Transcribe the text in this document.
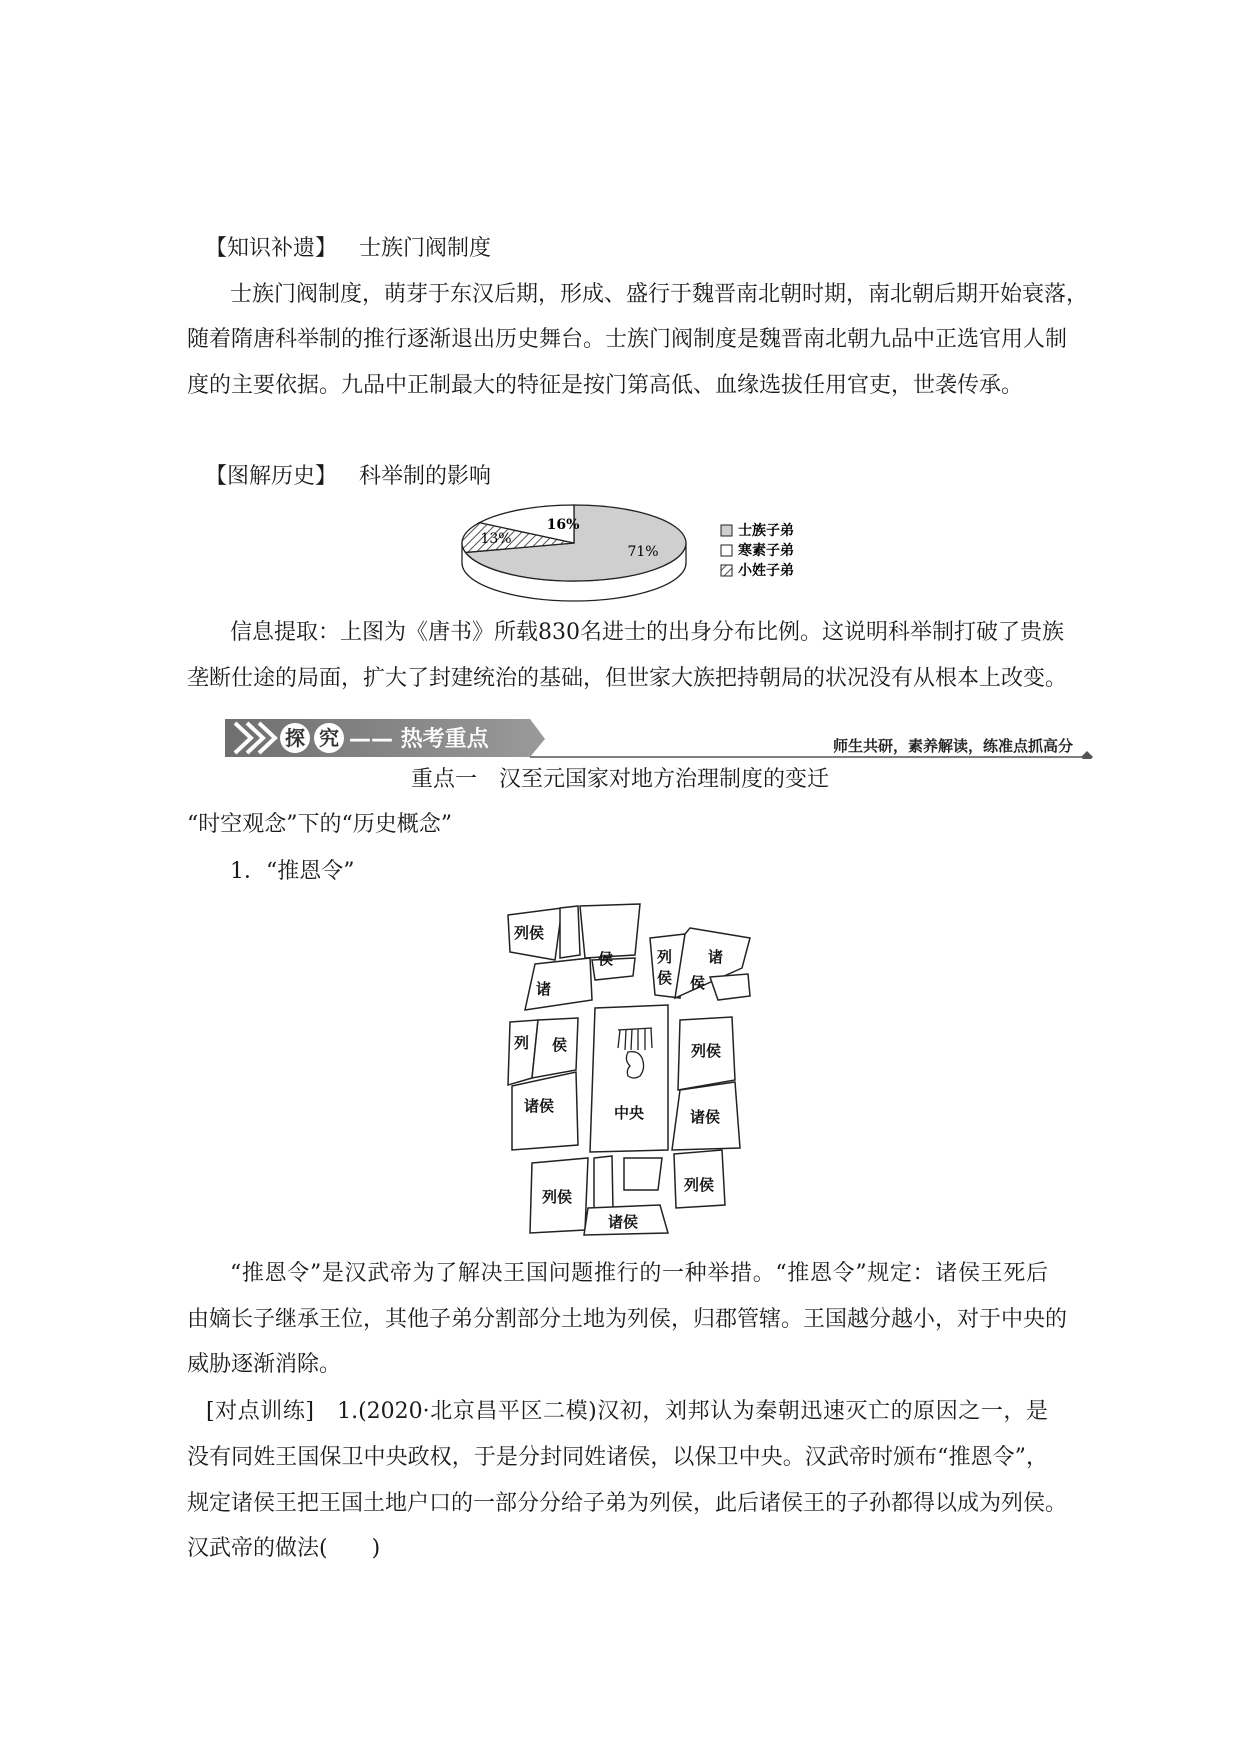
【知识补遗】 士族门阀制度
士族门阀制度，萌芽于东汉后期，形成、盛行于魏晋南北朝时期，南北朝后期开始衰落，
随着隋唐科举制的推行逐渐退出历史舞台。士族门阀制度是魏晋南北朝九品中正选官用人制
度的主要依据。九品中正制最大的特征是按门第高低、血缘选拔任用官吏，世袭传承。
【图解历史】 科举制的影响
71%
16%
13%	士族子弟
寒素子弟
小姓子弟
信息提取：上图为《唐书》所载830名进士的出身分布比例。这说明科举制打破了贵族
垄断仕途的局面，扩大了封建统治的基础，但世家大族把持朝局的状况没有从根本上改变。
探 究 —— 热考重点	师生共研，素养解读，练准点抓高分
重点一　汉至元国家对地方治理制度的变迁
“时空观念”下的“历史概念”
1．“推恩令”
列侯
侯
诸
列
侯
诸
侯
列 侯
诸侯	中央
列侯
诸侯
列侯
诸侯
列侯
“推恩令”是汉武帝为了解决王国问题推行的一种举措。“推恩令”规定：诸侯王死后
由嫡长子继承王位，其他子弟分割部分土地为列侯，归郡管辖。王国越分越小，对于中央的
威胁逐渐消除。
[对点训练]　1.(2020·北京昌平区二模)汉初，刘邦认为秦朝迅速灭亡的原因之一，是
没有同姓王国保卫中央政权，于是分封同姓诸侯，以保卫中央。汉武帝时颁布“推恩令”，
规定诸侯王把王国土地户口的一部分分给子弟为列侯，此后诸侯王的子孙都得以成为列侯。
汉武帝的做法(　　)
